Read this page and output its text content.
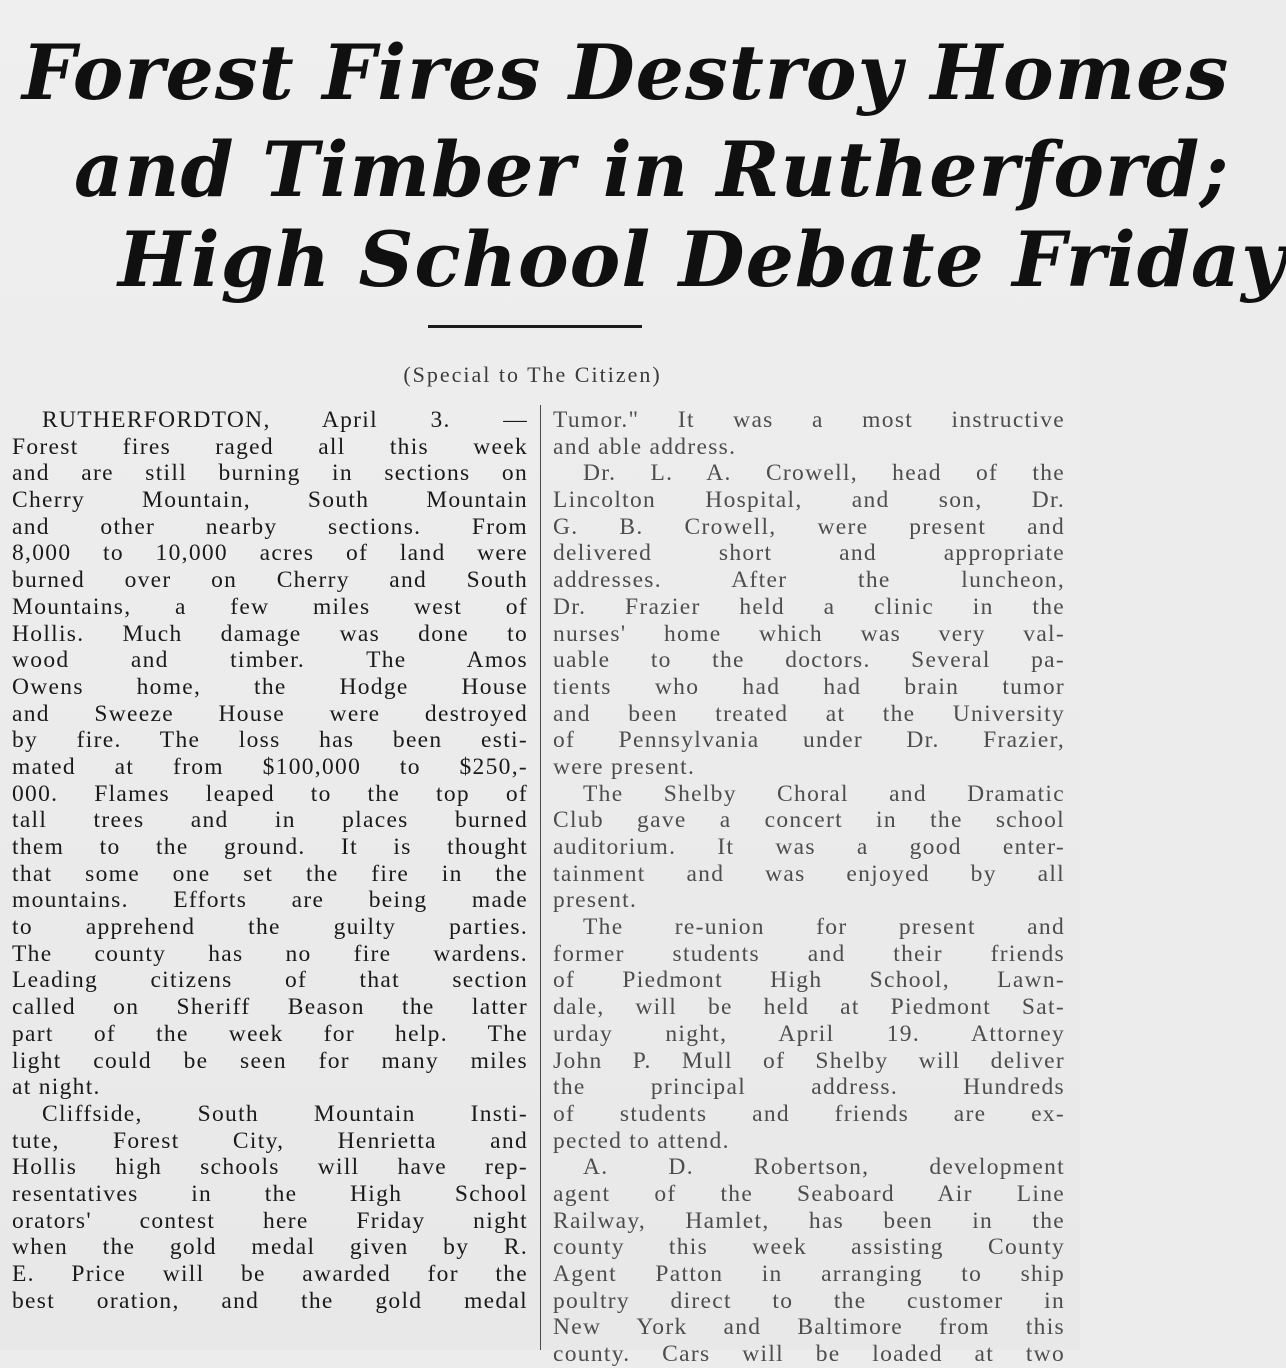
Forest Fires Destroy Homes
and Timber in Rutherford;
High School Debate Friday
(Special to The Citizen)
RUTHERFORDTON, April 3. —
Forest fires raged all this week
and are still burning in sections on
Cherry Mountain, South Mountain
and other nearby sections. From
8,000 to 10,000 acres of land were
burned over on Cherry and South
Mountains, a few miles west of
Hollis. Much damage was done to
wood and timber. The Amos
Owens home, the Hodge House
and Sweeze House were destroyed
by fire. The loss has been esti-
mated at from $100,000 to $250,-
000. Flames leaped to the top of
tall trees and in places burned
them to the ground. It is thought
that some one set the fire in the
mountains. Efforts are being made
to apprehend the guilty parties.
The county has no fire wardens.
Leading citizens of that section
called on Sheriff Beason the latter
part of the week for help. The
light could be seen for many miles
at night.
Cliffside, South Mountain Insti-
tute, Forest City, Henrietta and
Hollis high schools will have rep-
resentatives in the High School
orators' contest here Friday night
when the gold medal given by R.
E. Price will be awarded for the
best oration, and the gold medal
Tumor." It was a most instructive
and able address.
Dr. L. A. Crowell, head of the
Lincolton Hospital, and son, Dr.
G. B. Crowell, were present and
delivered short and appropriate
addresses. After the luncheon,
Dr. Frazier held a clinic in the
nurses' home which was very val-
uable to the doctors. Several pa-
tients who had had brain tumor
and been treated at the University
of Pennsylvania under Dr. Frazier,
were present.
The Shelby Choral and Dramatic
Club gave a concert in the school
auditorium. It was a good enter-
tainment and was enjoyed by all
present.
The re-union for present and
former students and their friends
of Piedmont High School, Lawn-
dale, will be held at Piedmont Sat-
urday night, April 19. Attorney
John P. Mull of Shelby will deliver
the principal address. Hundreds
of students and friends are ex-
pected to attend.
A. D. Robertson, development
agent of the Seaboard Air Line
Railway, Hamlet, has been in the
county this week assisting County
Agent Patton in arranging to ship
poultry direct to the customer in
New York and Baltimore from this
county. Cars will be loaded at two
